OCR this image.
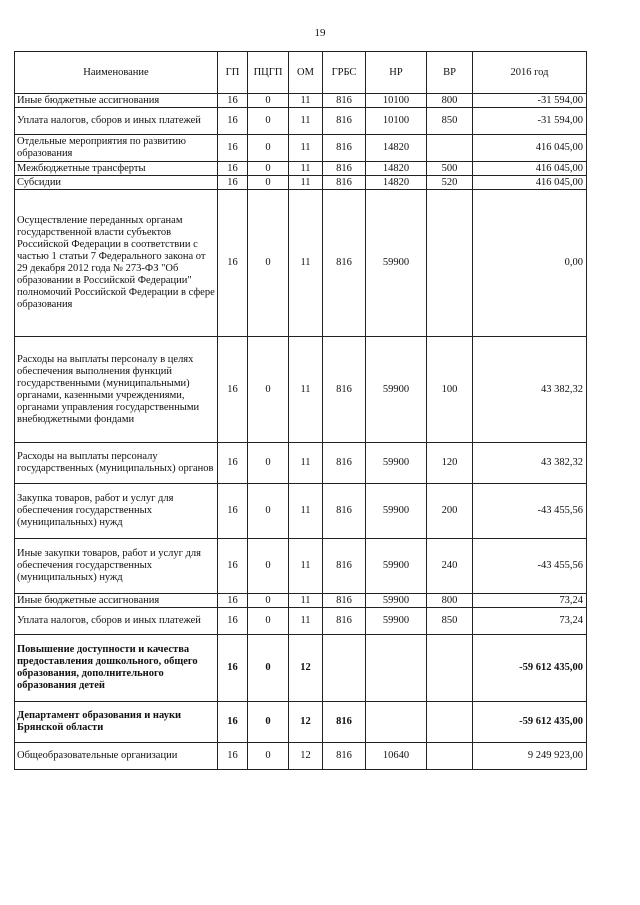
19
Наименование	ГП	ПЦГП	ОМ	ГРБС	НР	ВР	2016 год
Иные бюджетные ассигнования	16	0	11	816	10100	800	-31 594,00
Уплата налогов, сборов и иных платежей	16	0	11	816	10100	850	-31 594,00
Отдельные мероприятия по развитию образования	16	0	11	816	14820		416 045,00
Межбюджетные трансферты	16	0	11	816	14820	500	416 045,00
Субсидии	16	0	11	816	14820	520	416 045,00
Осуществление переданных органам государственной власти субъектов Российской Федерации в соответствии с частью 1 статьи 7 Федерального закона от 29 декабря 2012 года № 273-ФЗ "Об образовании в Российской Федерации" полномочий Российской Федерации в сфере образования	16	0	11	816	59900		0,00
Расходы на выплаты персоналу в целях обеспечения выполнения функций государственными (муниципальными) органами, казенными учреждениями, органами управления государственными внебюджетными фондами	16	0	11	816	59900	100	43 382,32
Расходы на выплаты персоналу государственных (муниципальных) органов	16	0	11	816	59900	120	43 382,32
Закупка товаров, работ и услуг для обеспечения государственных (муниципальных) нужд	16	0	11	816	59900	200	-43 455,56
Иные закупки товаров, работ и услуг для обеспечения государственных (муниципальных) нужд	16	0	11	816	59900	240	-43 455,56
Иные бюджетные ассигнования	16	0	11	816	59900	800	73,24
Уплата налогов, сборов и иных платежей	16	0	11	816	59900	850	73,24
Повышение доступности и качества предоставления дошкольного, общего образования, дополнительного образования детей	16	0	12				-59 612 435,00
Департамент образования и науки Брянской области	16	0	12	816			-59 612 435,00
Общеобразовательные организации	16	0	12	816	10640		9 249 923,00
